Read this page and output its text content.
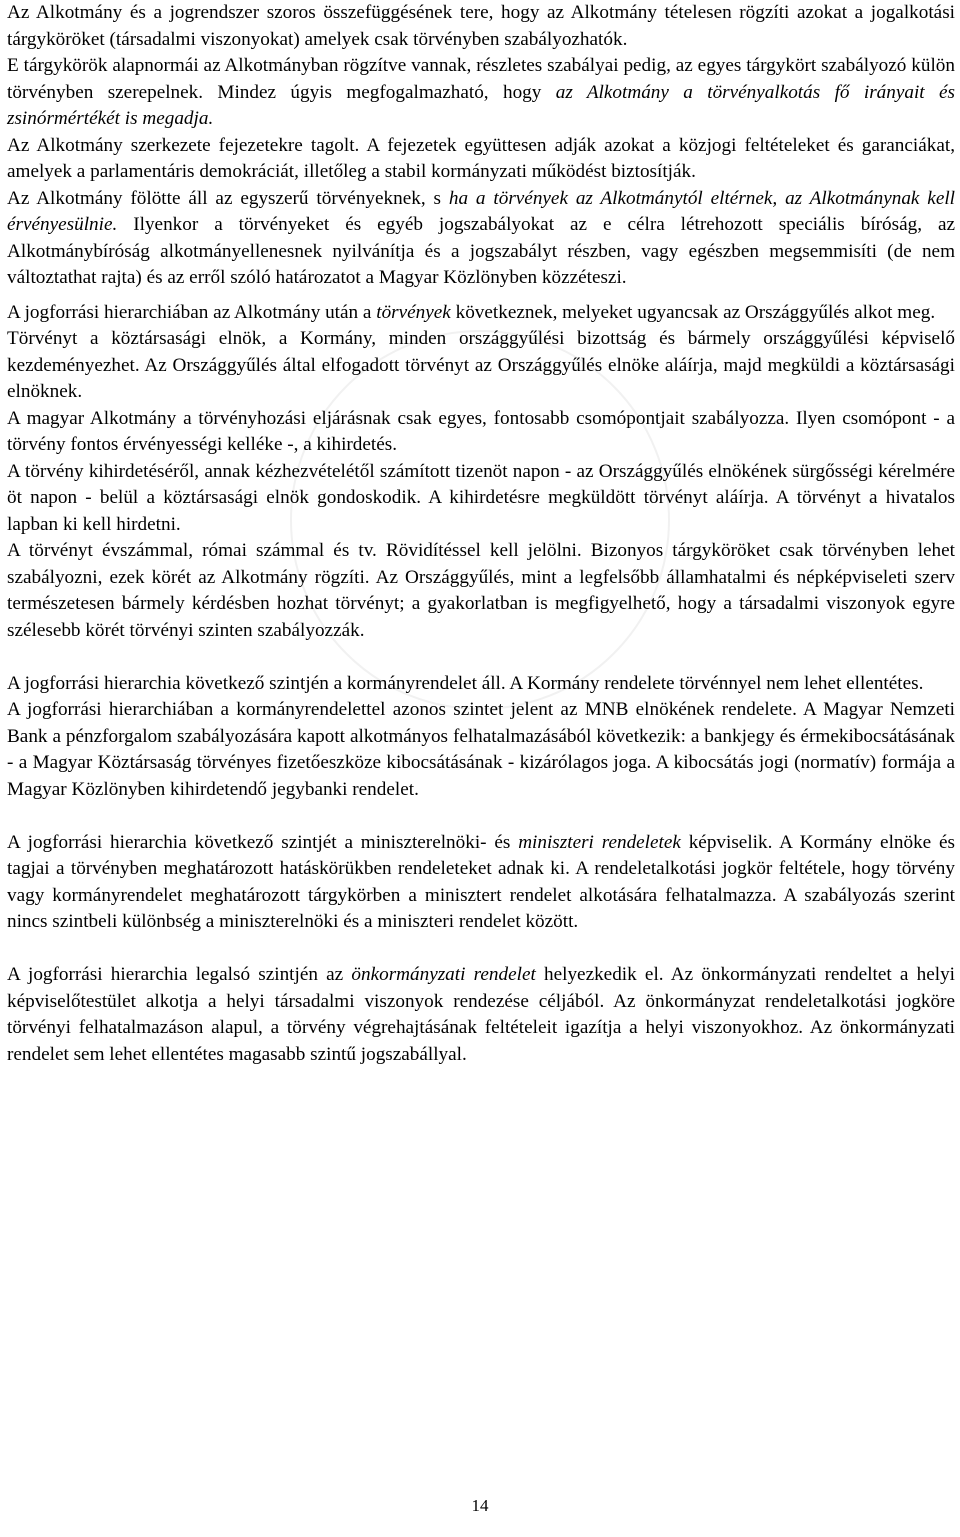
Az Alkotmány és a jogrendszer szoros összefüggésének tere, hogy az Alkotmány tételesen rögzíti azokat a jogalkotási tárgyköröket (társadalmi viszonyokat) amelyek csak törvényben szabályozhatók.

E tárgykörök alapnormái az Alkotmányban rögzítve vannak, részletes szabályai pedig, az egyes tárgykört szabályozó külön törvényben szerepelnek. Mindez úgyis megfogalmazható, hogy az Alkotmány a törvényalkotás fő irányait és zsinórmértékét is megadja.

Az Alkotmány szerkezete fejezetekre tagolt. A fejezetek együttesen adják azokat a közjogi feltételeket és garanciákat, amelyek a parlamentáris demokráciát, illetőleg a stabil kormányzati működést biztosítják.

Az Alkotmány fölötte áll az egyszerű törvényeknek, s ha a törvények az Alkotmánytól eltérnek, az Alkotmánynak kell érvényesülnie. Ilyenkor a törvényeket és egyéb jogszabályokat az e célra létrehozott speciális bíróság, az Alkotmánybíróság alkotmányellenesnek nyilvánítja és a jogszabályt részben, vagy egészben megsemmisíti (de nem változtathat rajta) és az erről szóló határozatot a Magyar Közlönyben közzéteszi.

A jogforrási hierarchiában az Alkotmány után a törvények következnek, melyeket ugyancsak az Országgyűlés alkot meg.

Törvényt a köztársasági elnök, a Kormány, minden országgyűlési bizottság és bármely országgyűlési képviselő kezdeményezhet. Az Országgyűlés által elfogadott törvényt az Országgyűlés elnöke aláírja, majd megküldi a köztársasági elnöknek.

A magyar Alkotmány a törvényhozási eljárásnak csak egyes, fontosabb csomópontjait szabályozza. Ilyen csomópont - a törvény fontos érvényességi kelléke -, a kihirdetés.

A törvény kihirdetéséről, annak kézhezvételétől számított tizenöt napon - az Országgyűlés elnökének sürgősségi kérelmére öt napon - belül a köztársasági elnök gondoskodik. A kihirdetésre megküldött törvényt aláírja. A törvényt a hivatalos lapban ki kell hirdetni.

A törvényt évszámmal, római számmal és tv. Rövidítéssel kell jelölni. Bizonyos tárgyköröket csak törvényben lehet szabályozni, ezek körét az Alkotmány rögzíti. Az Országgyűlés, mint a legfelsőbb államhatalmi és népképviseleti szerv természetesen bármely kérdésben hozhat törvényt; a gyakorlatban is megfigyelhető, hogy a társadalmi viszonyok egyre szélesebb körét törvényi szinten szabályozzák.

A jogforrási hierarchia következő szintjén a kormányrendelet áll. A Kormány rendelete törvénnyel nem lehet ellentétes.

A jogforrási hierarchiában a kormányrendelettel azonos szintet jelent az MNB elnökének rendelete. A Magyar Nemzeti Bank a pénzforgalom szabályozására kapott alkotmányos felhatalmazásából következik: a bankjegy és érmekibocsátásának - a Magyar Köztársaság törvényes fizetőeszköze kibocsátásának - kizárólagos joga. A kibocsátás jogi (normatív) formája a Magyar Közlönyben kihirdetendő jegybanki rendelet.

A jogforrási hierarchia következő szintjét a miniszterelnöki- és miniszteri rendeletek képviselik. A Kormány elnöke és tagjai a törvényben meghatározott hatáskörükben rendeleteket adnak ki. A rendeletalkotási jogkör feltétele, hogy törvény vagy kormányrendelet meghatározott tárgykörben a minisztert rendelet alkotására felhatalmazza. A szabályozás szerint nincs szintbeli különbség a miniszterelnöki és a miniszteri rendelet között.

A jogforrási hierarchia legalsó szintjén az önkormányzati rendelet helyezkedik el. Az önkormányzati rendeltet a helyi képviselőtestület alkotja a helyi társadalmi viszonyok rendezése céljából. Az önkormányzat rendeletalkotási jogköre törvényi felhatalmazáson alapul, a törvény végrehajtásának feltételeit igazítja a helyi viszonyokhoz. Az önkormányzati rendelet sem lehet ellentétes magasabb szintű jogszabállyal.

14
